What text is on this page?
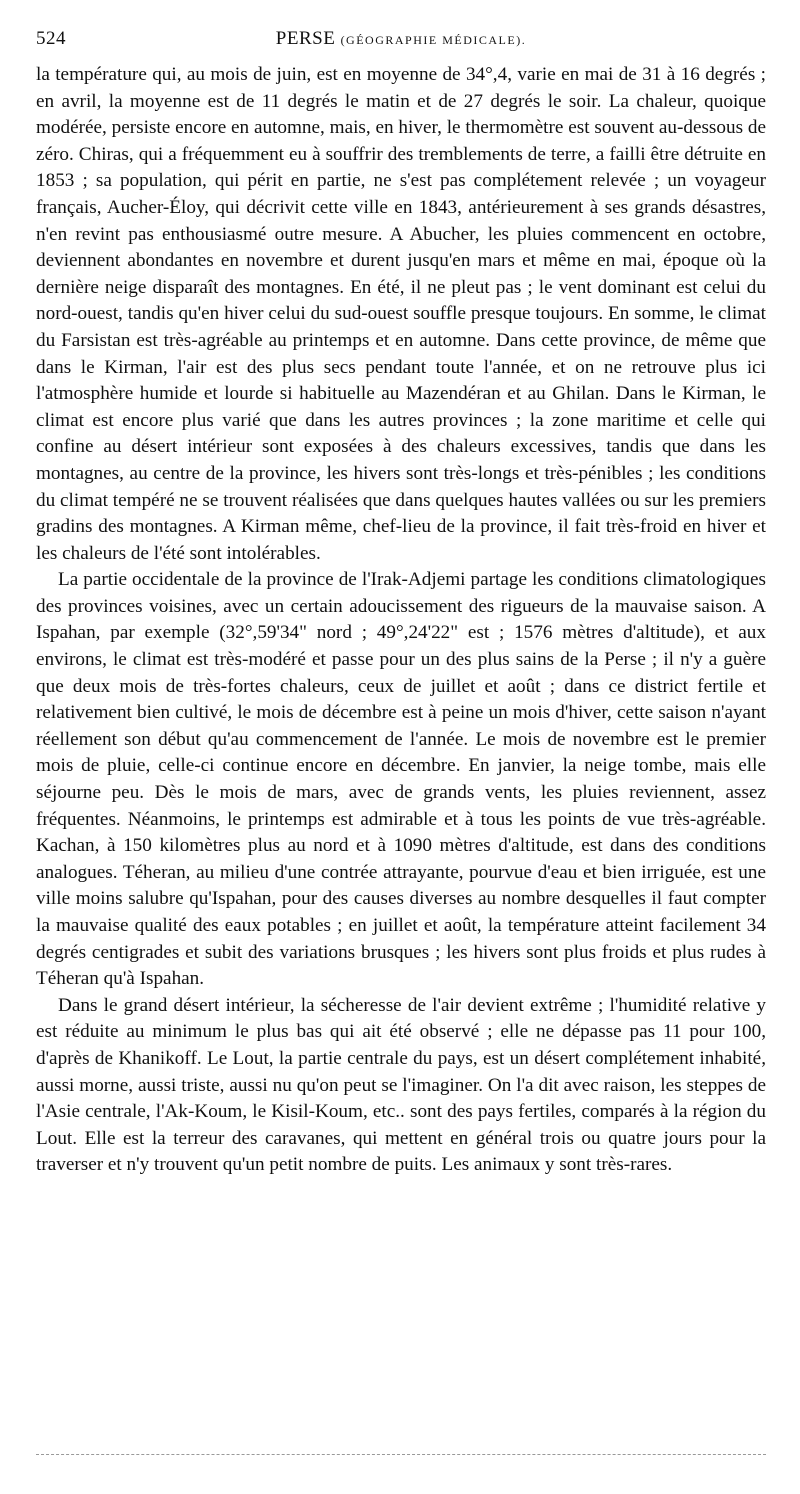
524	PERSE (GÉOGRAPHIE MÉDICALE).

la température qui, au mois de juin, est en moyenne de 34°,4, varie en mai de 31 à 16 degrés ; en avril, la moyenne est de 11 degrés le matin et de 27 degrés le soir. La chaleur, quoique modérée, persiste encore en automne, mais, en hiver, le thermomètre est souvent au-dessous de zéro. Chiras, qui a fréquemment eu à souffrir des tremblements de terre, a failli être détruite en 1853 ; sa population, qui périt en partie, ne s'est pas complétement relevée ; un voyageur français, Aucher-Éloy, qui décrivit cette ville en 1843, antérieurement à ses grands désastres, n'en revint pas enthousiasmé outre mesure. A Abucher, les pluies commencent en octobre, deviennent abondantes en novembre et durent jusqu'en mars et même en mai, époque où la dernière neige disparaît des montagnes. En été, il ne pleut pas ; le vent dominant est celui du nord-ouest, tandis qu'en hiver celui du sud-ouest souffle presque toujours. En somme, le climat du Farsistan est très-agréable au printemps et en automne. Dans cette province, de même que dans le Kirman, l'air est des plus secs pendant toute l'année, et on ne retrouve plus ici l'atmosphère humide et lourde si habituelle au Mazendéran et au Ghilan. Dans le Kirman, le climat est encore plus varié que dans les autres provinces ; la zone maritime et celle qui confine au désert intérieur sont exposées à des chaleurs excessives, tandis que dans les montagnes, au centre de la province, les hivers sont très-longs et très-pénibles ; les conditions du climat tempéré ne se trouvent réalisées que dans quelques hautes vallées ou sur les premiers gradins des montagnes. A Kirman même, chef-lieu de la province, il fait très-froid en hiver et les chaleurs de l'été sont intolérables.

La partie occidentale de la province de l'Irak-Adjemi partage les conditions climatologiques des provinces voisines, avec un certain adoucissement des rigueurs de la mauvaise saison. A Ispahan, par exemple (32°,59'34" nord ; 49°,24'22" est ; 1576 mètres d'altitude), et aux environs, le climat est très-modéré et passe pour un des plus sains de la Perse ; il n'y a guère que deux mois de très-fortes chaleurs, ceux de juillet et août ; dans ce district fertile et relativement bien cultivé, le mois de décembre est à peine un mois d'hiver, cette saison n'ayant réellement son début qu'au commencement de l'année. Le mois de novembre est le premier mois de pluie, celle-ci continue encore en décembre. En janvier, la neige tombe, mais elle séjourne peu. Dès le mois de mars, avec de grands vents, les pluies reviennent, assez fréquentes. Néanmoins, le printemps est admirable et à tous les points de vue très-agréable. Kachan, à 150 kilomètres plus au nord et à 1090 mètres d'altitude, est dans des conditions analogues. Téheran, au milieu d'une contrée attrayante, pourvue d'eau et bien irriguée, est une ville moins salubre qu'Ispahan, pour des causes diverses au nombre desquelles il faut compter la mauvaise qualité des eaux potables ; en juillet et août, la température atteint facilement 34 degrés centigrades et subit des variations brusques ; les hivers sont plus froids et plus rudes à Téheran qu'à Ispahan.

Dans le grand désert intérieur, la sécheresse de l'air devient extrême ; l'humidité relative y est réduite au minimum le plus bas qui ait été observé ; elle ne dépasse pas 11 pour 100, d'après de Khanikoff. Le Lout, la partie centrale du pays, est un désert complétement inhabité, aussi morne, aussi triste, aussi nu qu'on peut se l'imaginer. On l'a dit avec raison, les steppes de l'Asie centrale, l'Ak-Koum, le Kisil-Koum, etc.. sont des pays fertiles, comparés à la région du Lout. Elle est la terreur des caravanes, qui mettent en général trois ou quatre jours pour la traverser et n'y trouvent qu'un petit nombre de puits. Les animaux y sont très-rares.
